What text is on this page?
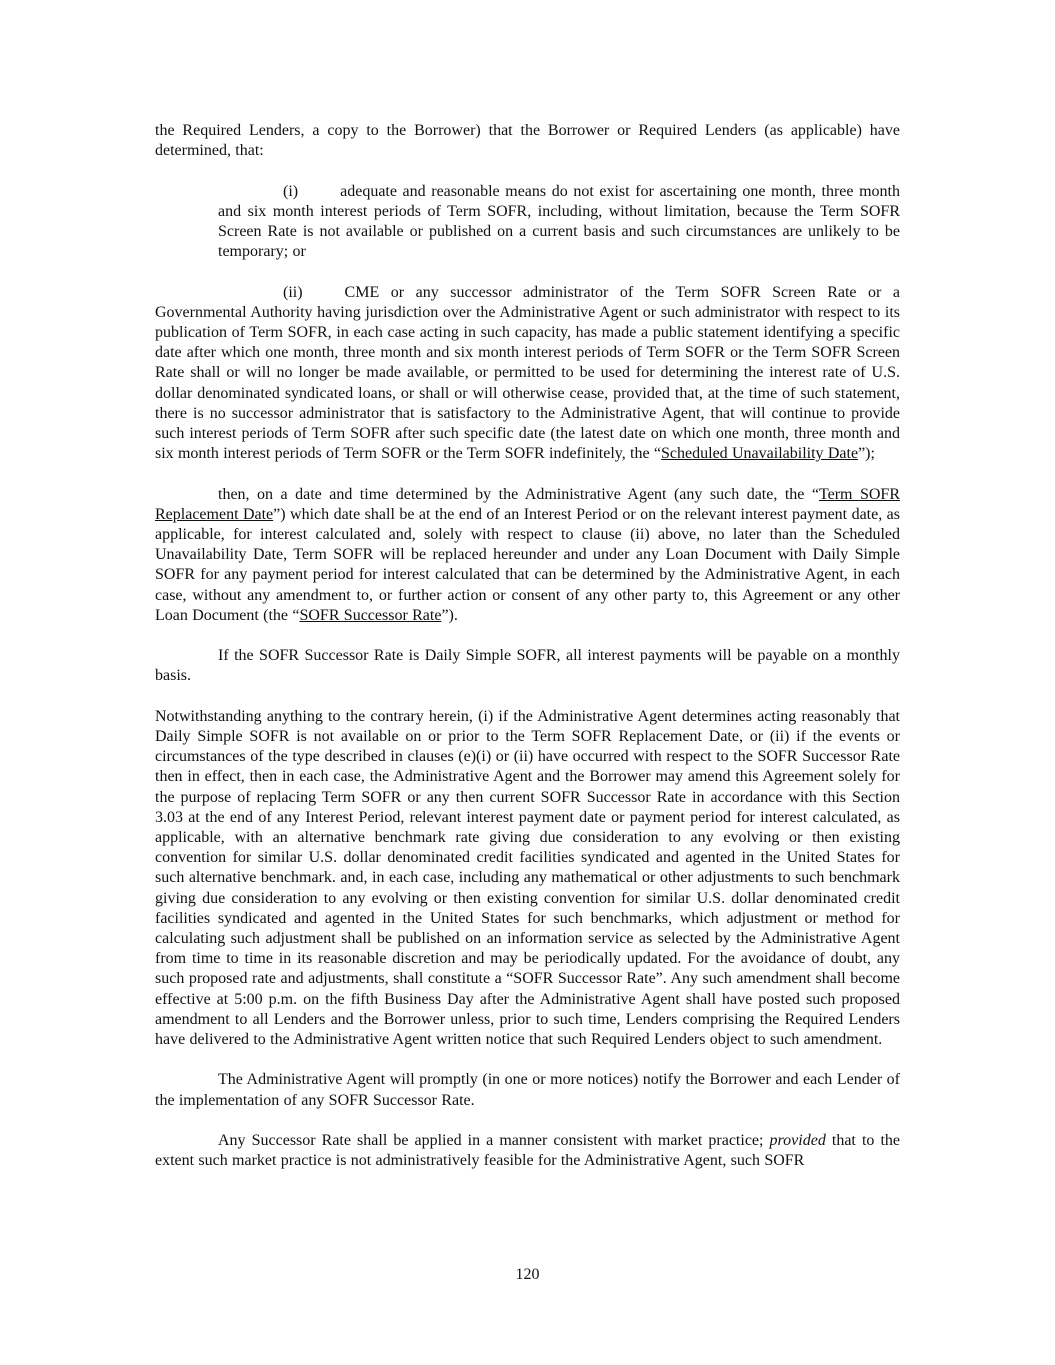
the Required Lenders, a copy to the Borrower) that the Borrower or Required Lenders (as applicable) have determined, that:

(i)	adequate and reasonable means do not exist for ascertaining one month, three month and six month interest periods of Term SOFR, including, without limitation, because the Term SOFR Screen Rate is not available or published on a current basis and such circumstances are unlikely to be temporary; or

(ii)	CME or any successor administrator of the Term SOFR Screen Rate or a Governmental Authority having jurisdiction over the Administrative Agent or such administrator with respect to its publication of Term SOFR, in each case acting in such capacity, has made a public statement identifying a specific date after which one month, three month and six month interest periods of Term SOFR or the Term SOFR Screen Rate shall or will no longer be made available, or permitted to be used for determining the interest rate of U.S. dollar denominated syndicated loans, or shall or will otherwise cease, provided that, at the time of such statement, there is no successor administrator that is satisfactory to the Administrative Agent, that will continue to provide such interest periods of Term SOFR after such specific date (the latest date on which one month, three month and six month interest periods of Term SOFR or the Term SOFR indefinitely, the “Scheduled Unavailability Date”);

then, on a date and time determined by the Administrative Agent (any such date, the “Term SOFR Replacement Date”) which date shall be at the end of an Interest Period or on the relevant interest payment date, as applicable, for interest calculated and, solely with respect to clause (ii) above, no later than the Scheduled Unavailability Date, Term SOFR will be replaced hereunder and under any Loan Document with Daily Simple SOFR for any payment period for interest calculated that can be determined by the Administrative Agent, in each case, without any amendment to, or further action or consent of any other party to, this Agreement or any other Loan Document (the “SOFR Successor Rate”).

If the SOFR Successor Rate is Daily Simple SOFR, all interest payments will be payable on a monthly basis.

Notwithstanding anything to the contrary herein, (i) if the Administrative Agent determines acting reasonably that Daily Simple SOFR is not available on or prior to the Term SOFR Replacement Date, or (ii) if the events or circumstances of the type described in clauses (e)(i) or (ii) have occurred with respect to the SOFR Successor Rate then in effect, then in each case, the Administrative Agent and the Borrower may amend this Agreement solely for the purpose of replacing Term SOFR or any then current SOFR Successor Rate in accordance with this Section 3.03 at the end of any Interest Period, relevant interest payment date or payment period for interest calculated, as applicable, with an alternative benchmark rate giving due consideration to any evolving or then existing convention for similar U.S. dollar denominated credit facilities syndicated and agented in the United States for such alternative benchmark. and, in each case, including any mathematical or other adjustments to such benchmark giving due consideration to any evolving or then existing convention for similar U.S. dollar denominated credit facilities syndicated and agented in the United States for such benchmarks, which adjustment or method for calculating such adjustment shall be published on an information service as selected by the Administrative Agent from time to time in its reasonable discretion and may be periodically updated. For the avoidance of doubt, any such proposed rate and adjustments, shall constitute a “SOFR Successor Rate”. Any such amendment shall become effective at 5:00 p.m. on the fifth Business Day after the Administrative Agent shall have posted such proposed amendment to all Lenders and the Borrower unless, prior to such time, Lenders comprising the Required Lenders have delivered to the Administrative Agent written notice that such Required Lenders object to such amendment.

The Administrative Agent will promptly (in one or more notices) notify the Borrower and each Lender of the implementation of any SOFR Successor Rate.

Any Successor Rate shall be applied in a manner consistent with market practice; provided that to the extent such market practice is not administratively feasible for the Administrative Agent, such SOFR

120
